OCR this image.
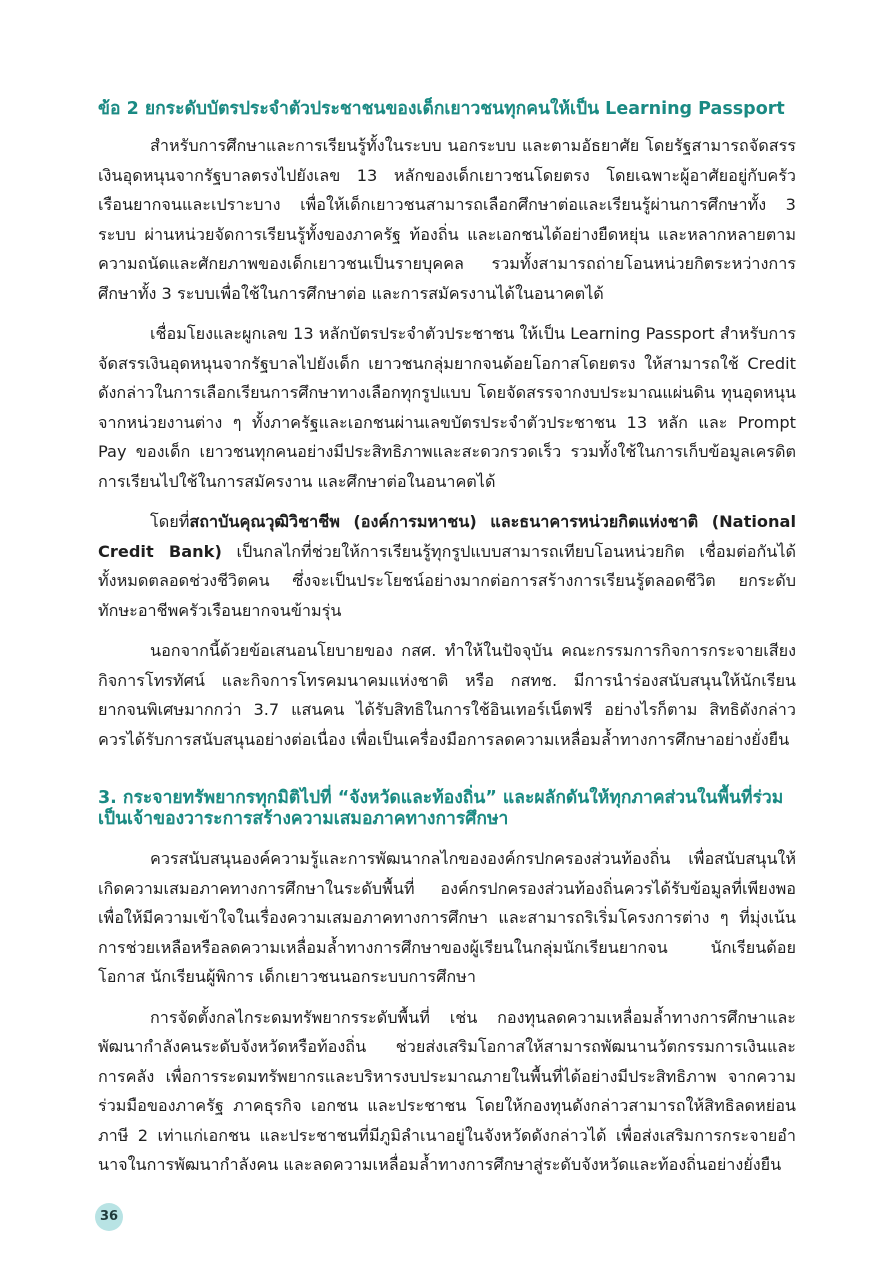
ข้อ 2 ยกระดับบัตรประจำตัวประชาชนของเด็กเยาวชนทุกคนให้เป็น Learning Passport

สำหรับการศึกษาและการเรียนรู้ทั้งในระบบ นอกระบบ และตามอัธยาศัย โดยรัฐสามารถจัดสรรเงินอุดหนุนจากรัฐบาลตรงไปยังเลข 13 หลักของเด็กเยาวชนโดยตรง โดยเฉพาะผู้อาศัยอยู่กับครัวเรือนยากจนและเปราะบาง เพื่อให้เด็กเยาวชนสามารถเลือกศึกษาต่อและเรียนรู้ผ่านการศึกษาทั้ง 3 ระบบ ผ่านหน่วยจัดการเรียนรู้ทั้งของภาครัฐ ท้องถิ่น และเอกชนได้อย่างยืดหยุ่น และหลากหลายตามความถนัดและศักยภาพของเด็กเยาวชนเป็นรายบุคคล รวมทั้งสามารถถ่ายโอนหน่วยกิตระหว่างการศึกษาทั้ง 3 ระบบเพื่อใช้ในการศึกษาต่อ และการสมัครงานได้ในอนาคตได้

เชื่อมโยงและผูกเลข 13 หลักบัตรประจำตัวประชาชน ให้เป็น Learning Passport สำหรับการจัดสรรเงินอุดหนุนจากรัฐบาลไปยังเด็ก เยาวชนกลุ่มยากจนด้อยโอกาสโดยตรง ให้สามารถใช้ Credit ดังกล่าวในการเลือกเรียนการศึกษาทางเลือกทุกรูปแบบ โดยจัดสรรจากงบประมาณแผ่นดิน ทุนอุดหนุนจากหน่วยงานต่าง ๆ ทั้งภาครัฐและเอกชนผ่านเลขบัตรประจำตัวประชาชน 13 หลัก และ Prompt Pay ของเด็ก เยาวชนทุกคนอย่างมีประสิทธิภาพและสะดวกรวดเร็ว รวมทั้งใช้ในการเก็บข้อมูลเครดิตการเรียนไปใช้ในการสมัครงาน และศึกษาต่อในอนาคตได้

โดยที่สถาบันคุณวุฒิวิชาชีพ (องค์การมหาชน) และธนาคารหน่วยกิตแห่งชาติ (National Credit Bank) เป็นกลไกที่ช่วยให้การเรียนรู้ทุกรูปแบบสามารถเทียบโอนหน่วยกิต เชื่อมต่อกันได้ทั้งหมดตลอดช่วงชีวิตคน ซึ่งจะเป็นประโยชน์อย่างมากต่อการสร้างการเรียนรู้ตลอดชีวิต ยกระดับทักษะอาชีพครัวเรือนยากจนข้ามรุ่น

นอกจากนี้ด้วยข้อเสนอนโยบายของ กสศ. ทำให้ในปัจจุบัน คณะกรรมการกิจการกระจายเสียง กิจการโทรทัศน์ และกิจการโทรคมนาคมแห่งชาติ หรือ กสทช. มีการนำร่องสนับสนุนให้นักเรียนยากจนพิเศษมากกว่า 3.7 แสนคน ได้รับสิทธิในการใช้อินเทอร์เน็ตฟรี อย่างไรก็ตาม สิทธิดังกล่าว ควรได้รับการสนับสนุนอย่างต่อเนื่อง เพื่อเป็นเครื่องมือการลดความเหลื่อมล้ำทางการศึกษาอย่างยั่งยืน

3. กระจายทรัพยากรทุกมิติไปที่ “จังหวัดและท้องถิ่น” และผลักดันให้ทุกภาคส่วนในพื้นที่ร่วมเป็นเจ้าของวาระการสร้างความเสมอภาคทางการศึกษา

ควรสนับสนุนองค์ความรู้และการพัฒนากลไกขององค์กรปกครองส่วนท้องถิ่น เพื่อสนับสนุนให้เกิดความเสมอภาคทางการศึกษาในระดับพื้นที่ องค์กรปกครองส่วนท้องถิ่นควรได้รับข้อมูลที่เพียงพอเพื่อให้มีความเข้าใจในเรื่องความเสมอภาคทางการศึกษา และสามารถริเริ่มโครงการต่าง ๆ ที่มุ่งเน้นการช่วยเหลือหรือลดความเหลื่อมล้ำทางการศึกษาของผู้เรียนในกลุ่มนักเรียนยากจน นักเรียนด้อยโอกาส นักเรียนผู้พิการ เด็กเยาวชนนอกระบบการศึกษา

การจัดตั้งกลไกระดมทรัพยากรระดับพื้นที่ เช่น กองทุนลดความเหลื่อมล้ำทางการศึกษาและพัฒนากำลังคนระดับจังหวัดหรือท้องถิ่น ช่วยส่งเสริมโอกาสให้สามารถพัฒนานวัตกรรมการเงินและการคลัง เพื่อการระดมทรัพยากรและบริหารงบประมาณภายในพื้นที่ได้อย่างมีประสิทธิภาพ จากความร่วมมือของภาครัฐ ภาคธุรกิจ เอกชน และประชาชน โดยให้กองทุนดังกล่าวสามารถให้สิทธิลดหย่อนภาษี 2 เท่าแก่เอกชน และประชาชนที่มีภูมิลำเนาอยู่ในจังหวัดดังกล่าวได้ เพื่อส่งเสริมการกระจายอำนาจในการพัฒนากำลังคน และลดความเหลื่อมล้ำทางการศึกษาสู่ระดับจังหวัดและท้องถิ่นอย่างยั่งยืน

36
